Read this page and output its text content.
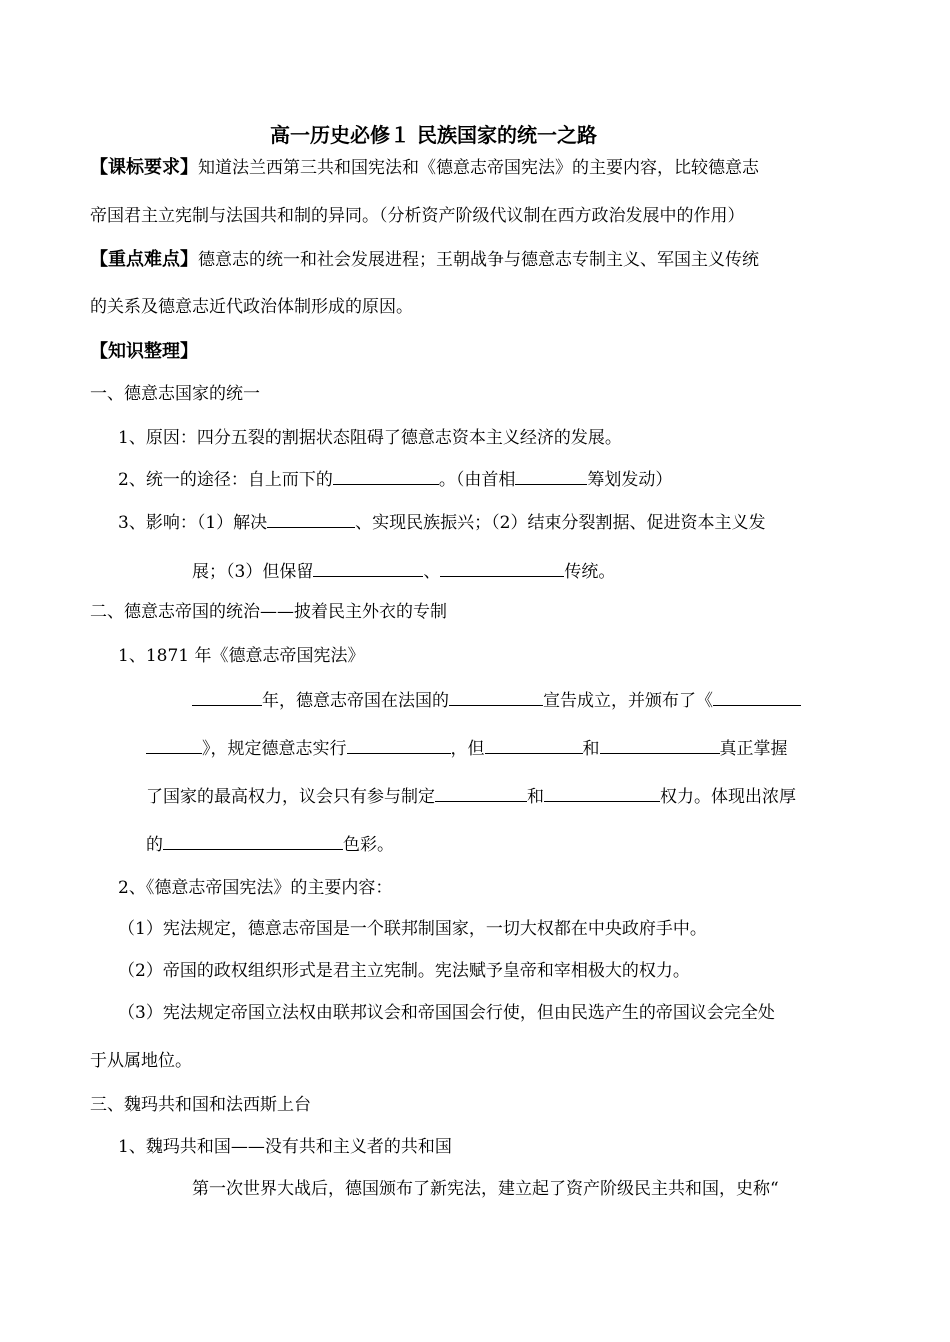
高一历史必修１ 民族国家的统一之路
【课标要求】知道法兰西第三共和国宪法和《德意志帝国宪法》的主要内容，比较德意志
帝国君主立宪制与法国共和制的异同。（分析资产阶级代议制在西方政治发展中的作用）
【重点难点】德意志的统一和社会发展进程；王朝战争与德意志专制主义、军国主义传统
的关系及德意志近代政治体制形成的原因。
【知识整理】
一、德意志国家的统一
1、原因：四分五裂的割据状态阻碍了德意志资本主义经济的发展。
2、统一的途径：自上而下的	。（由首相	筹划发动）
3、影响：（1）解决	、实现民族振兴；（2）结束分裂割据、促进资本主义发
展；（3）但保留	、	传统。
二、德意志帝国的统治——披着民主外衣的专制
1、1871 年《德意志帝国宪法》
年，德意志帝国在法国的	宣告成立，并颁布了《
》，规定德意志实行	，但	和	真正掌握
了国家的最高权力，议会只有参与制定	和	权力。体现出浓厚
的	色彩。
2、《德意志帝国宪法》的主要内容：
（1）宪法规定，德意志帝国是一个联邦制国家，一切大权都在中央政府手中。
（2）帝国的政权组织形式是君主立宪制。宪法赋予皇帝和宰相极大的权力。
（3）宪法规定帝国立法权由联邦议会和帝国国会行使，但由民选产生的帝国议会完全处
于从属地位。
三、魏玛共和国和法西斯上台
1、魏玛共和国——没有共和主义者的共和国
第一次世界大战后，德国颁布了新宪法，建立起了资产阶级民主共和国，史称“
